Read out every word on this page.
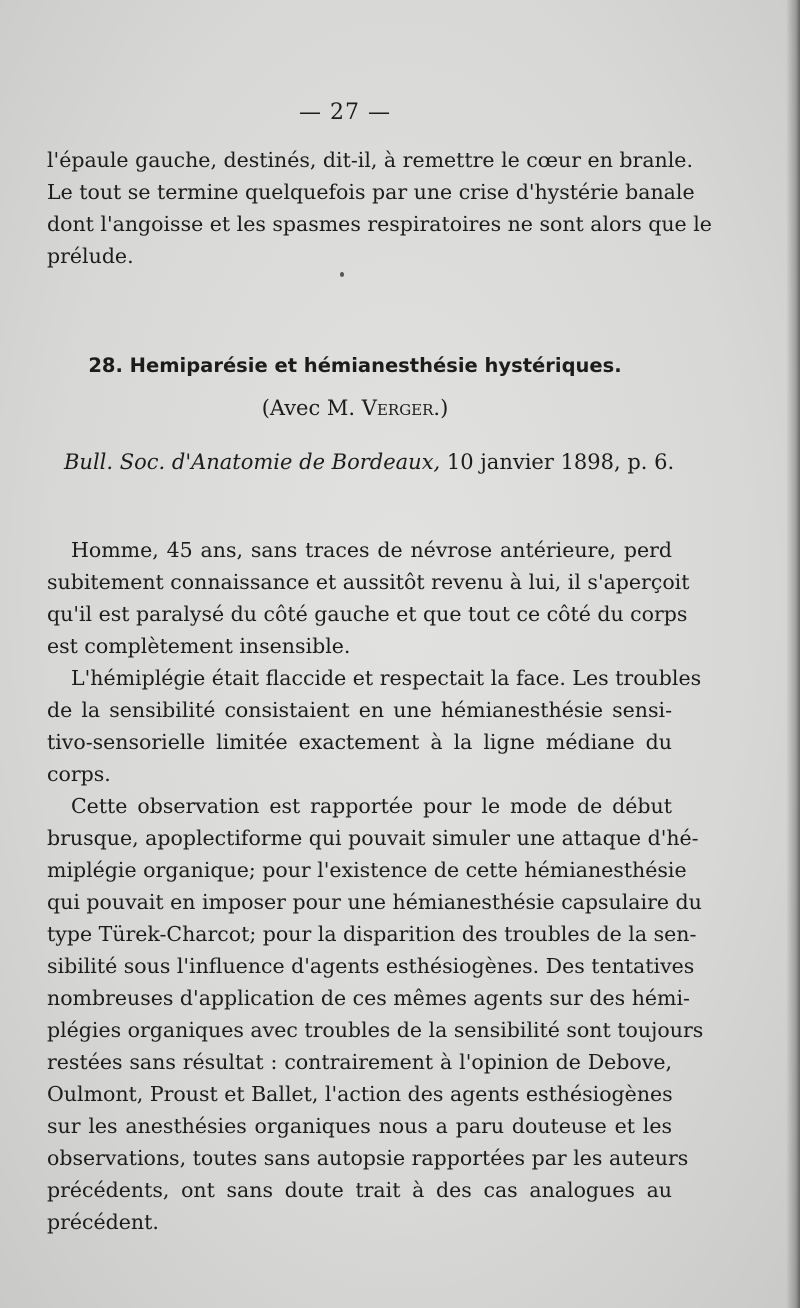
— 27 —
l'épaule gauche, destinés, dit-il, à remettre le cœur en branle.
Le tout se termine quelquefois par une crise d'hystérie banale
dont l'angoisse et les spasmes respiratoires ne sont alors que le
prélude.
28. Hemiparésie et hémianesthésie hystériques.
(Avec M. Verger.)
Bull. Soc. d'Anatomie de Bordeaux, 10 janvier 1898, p. 6.
Homme, 45 ans, sans traces de névrose antérieure, perd
subitement connaissance et aussitôt revenu à lui, il s'aperçoit
qu'il est paralysé du côté gauche et que tout ce côté du corps
est complètement insensible.
L'hémiplégie était flaccide et respectait la face. Les troubles
de la sensibilité consistaient en une hémianesthésie sensi-
tivo-sensorielle limitée exactement à la ligne médiane du
corps.
Cette observation est rapportée pour le mode de début
brusque, apoplectiforme qui pouvait simuler une attaque d'hé-
miplégie organique; pour l'existence de cette hémianesthésie
qui pouvait en imposer pour une hémianesthésie capsulaire du
type Türek-Charcot; pour la disparition des troubles de la sen-
sibilité sous l'influence d'agents esthésiogènes. Des tentatives
nombreuses d'application de ces mêmes agents sur des hémi-
plégies organiques avec troubles de la sensibilité sont toujours
restées sans résultat : contrairement à l'opinion de Debove,
Oulmont, Proust et Ballet, l'action des agents esthésiogènes
sur les anesthésies organiques nous a paru douteuse et les
observations, toutes sans autopsie rapportées par les auteurs
précédents, ont sans doute trait à des cas analogues au
précédent.
